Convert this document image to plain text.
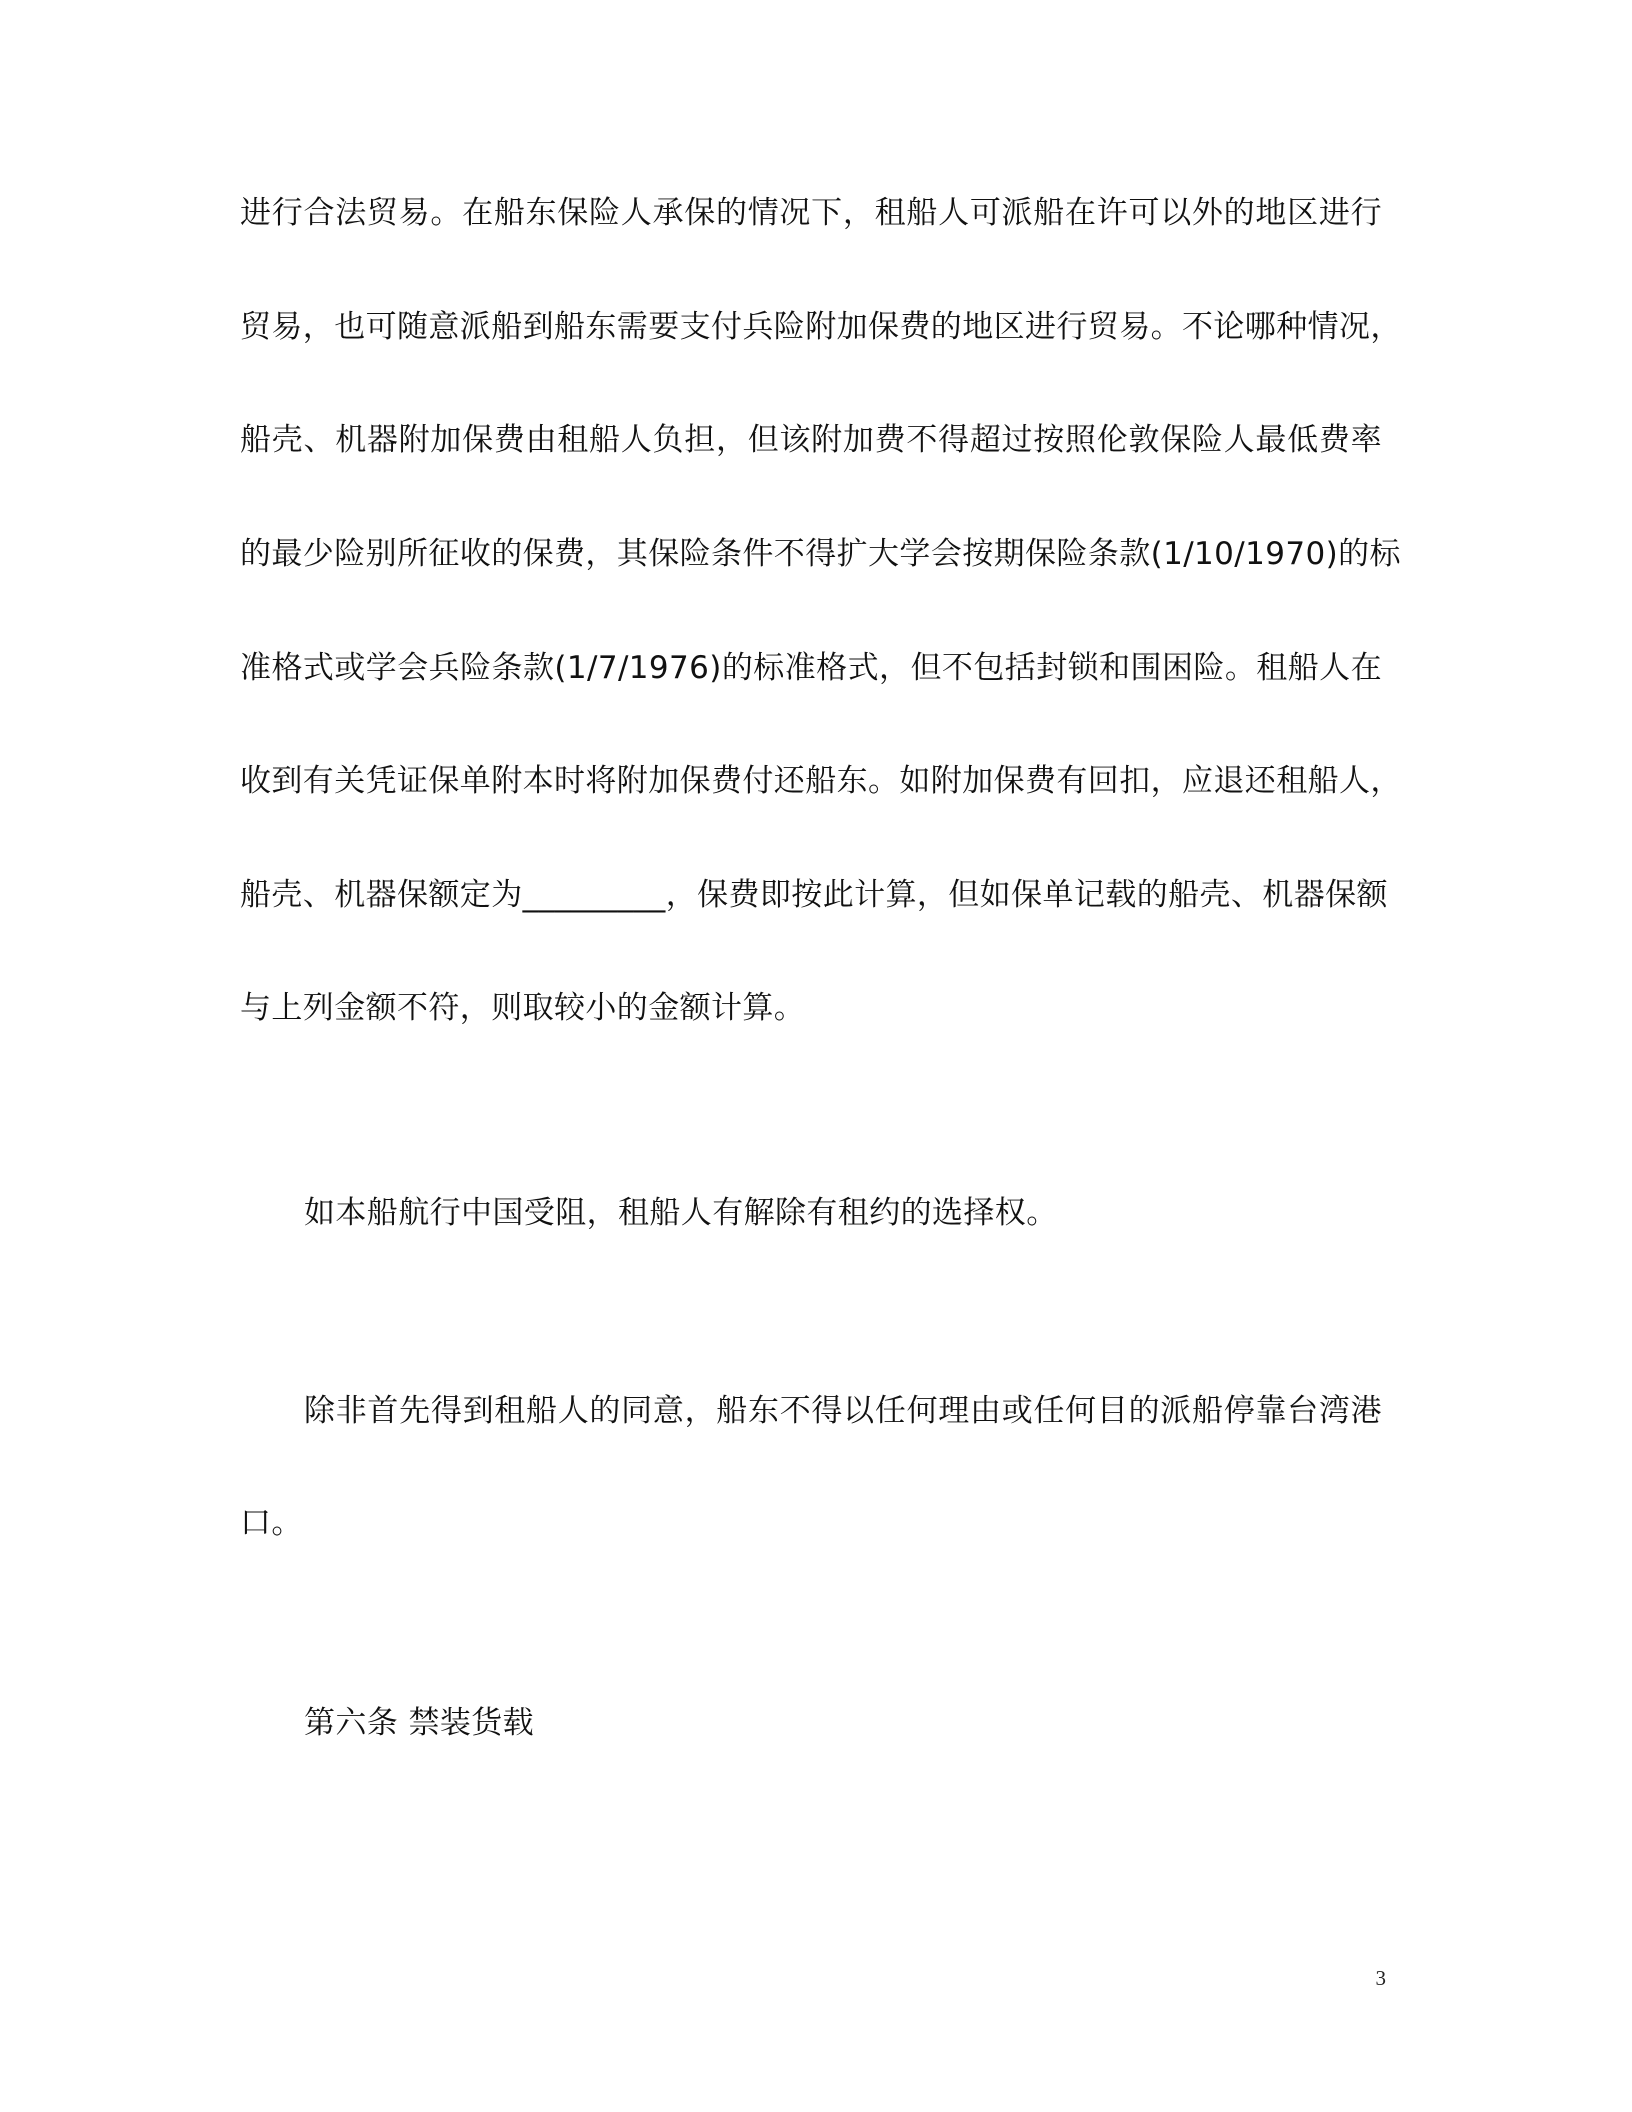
进行合法贸易。在船东保险人承保的情况下，租船人可派船在许可以外的地区进行
贸易，也可随意派船到船东需要支付兵险附加保费的地区进行贸易。不论哪种情况，
船壳、机器附加保费由租船人负担，但该附加费不得超过按照伦敦保险人最低费率
的最少险别所征收的保费，其保险条件不得扩大学会按期保险条款(1/10/1970)的标
准格式或学会兵险条款(1/7/1976)的标准格式，但不包括封锁和围困险。租船人在
收到有关凭证保单附本时将附加保费付还船东。如附加保费有回扣，应退还租船人，
船壳、机器保额定为_________，保费即按此计算，但如保单记载的船壳、机器保额
与上列金额不符，则取较小的金额计算。
如本船航行中国受阻，租船人有解除有租约的选择权。
除非首先得到租船人的同意，船东不得以任何理由或任何目的派船停靠台湾港
口。
第六条 禁装货载
3
